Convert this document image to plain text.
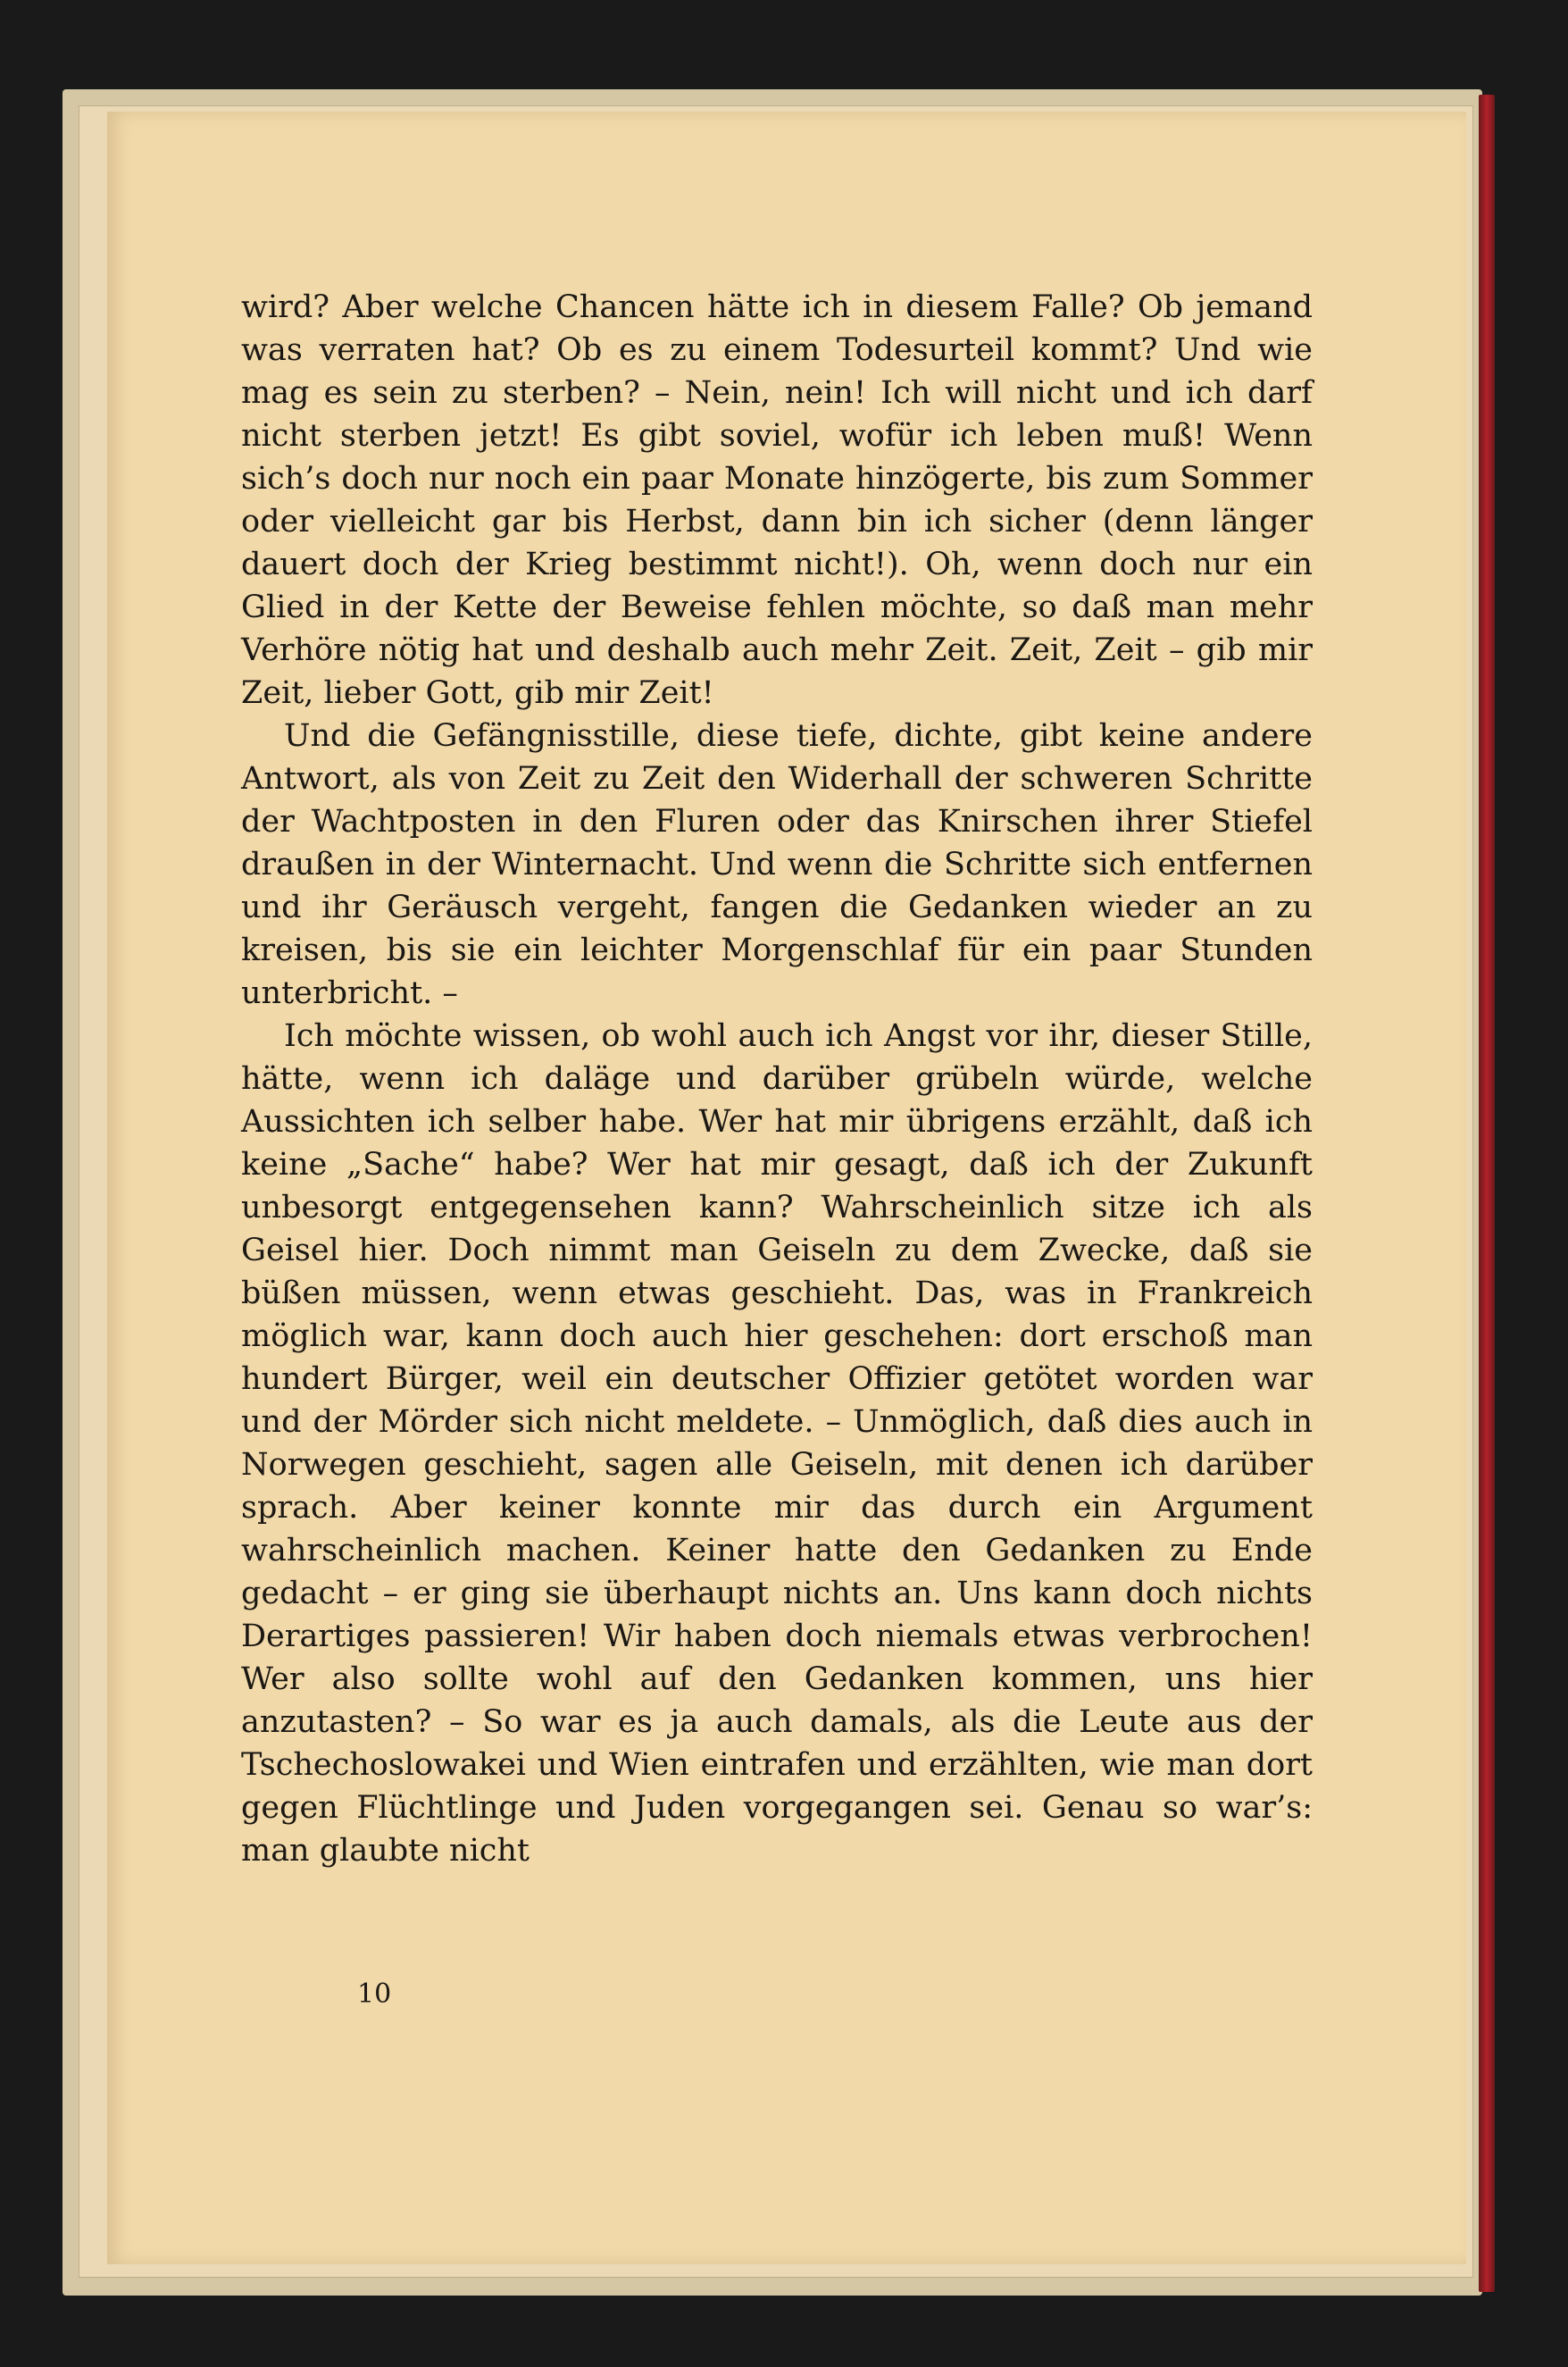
wird? Aber welche Chancen hätte ich in diesem Falle? Ob jemand was verraten hat? Ob es zu einem Todesurteil kommt? Und wie mag es sein zu sterben? – Nein, nein! Ich will nicht und ich darf nicht sterben jetzt! Es gibt soviel, wofür ich leben muß! Wenn sich’s doch nur noch ein paar Monate hinzögerte, bis zum Sommer oder vielleicht gar bis Herbst, dann bin ich sicher (denn länger dauert doch der Krieg bestimmt nicht!). Oh, wenn doch nur ein Glied in der Kette der Beweise fehlen möchte, so daß man mehr Verhöre nötig hat und deshalb auch mehr Zeit. Zeit, Zeit – gib mir Zeit, lieber Gott, gib mir Zeit!

Und die Gefängnisstille, diese tiefe, dichte, gibt keine andere Antwort, als von Zeit zu Zeit den Widerhall der schweren Schritte der Wachtposten in den Fluren oder das Knirschen ihrer Stiefel draußen in der Winternacht. Und wenn die Schritte sich entfernen und ihr Geräusch vergeht, fangen die Gedanken wieder an zu kreisen, bis sie ein leichter Morgenschlaf für ein paar Stunden unterbricht. –

Ich möchte wissen, ob wohl auch ich Angst vor ihr, dieser Stille, hätte, wenn ich daläge und darüber grübeln würde, welche Aussichten ich selber habe. Wer hat mir übrigens erzählt, daß ich keine „Sache“ habe? Wer hat mir gesagt, daß ich der Zukunft unbesorgt entgegensehen kann? Wahrscheinlich sitze ich als Geisel hier. Doch nimmt man Geiseln zu dem Zwecke, daß sie büßen müssen, wenn etwas geschieht. Das, was in Frankreich möglich war, kann doch auch hier geschehen: dort erschoß man hundert Bürger, weil ein deutscher Offizier getötet worden war und der Mörder sich nicht meldete. – Unmöglich, daß dies auch in Norwegen geschieht, sagen alle Geiseln, mit denen ich darüber sprach. Aber keiner konnte mir das durch ein Argument wahrscheinlich machen. Keiner hatte den Gedanken zu Ende gedacht – er ging sie überhaupt nichts an. Uns kann doch nichts Derartiges passieren! Wir haben doch niemals etwas verbrochen! Wer also sollte wohl auf den Gedanken kommen, uns hier anzutasten? – So war es ja auch damals, als die Leute aus der Tschechoslowakei und Wien eintrafen und erzählten, wie man dort gegen Flüchtlinge und Juden vorgegangen sei. Genau so war’s: man glaubte nicht

10
